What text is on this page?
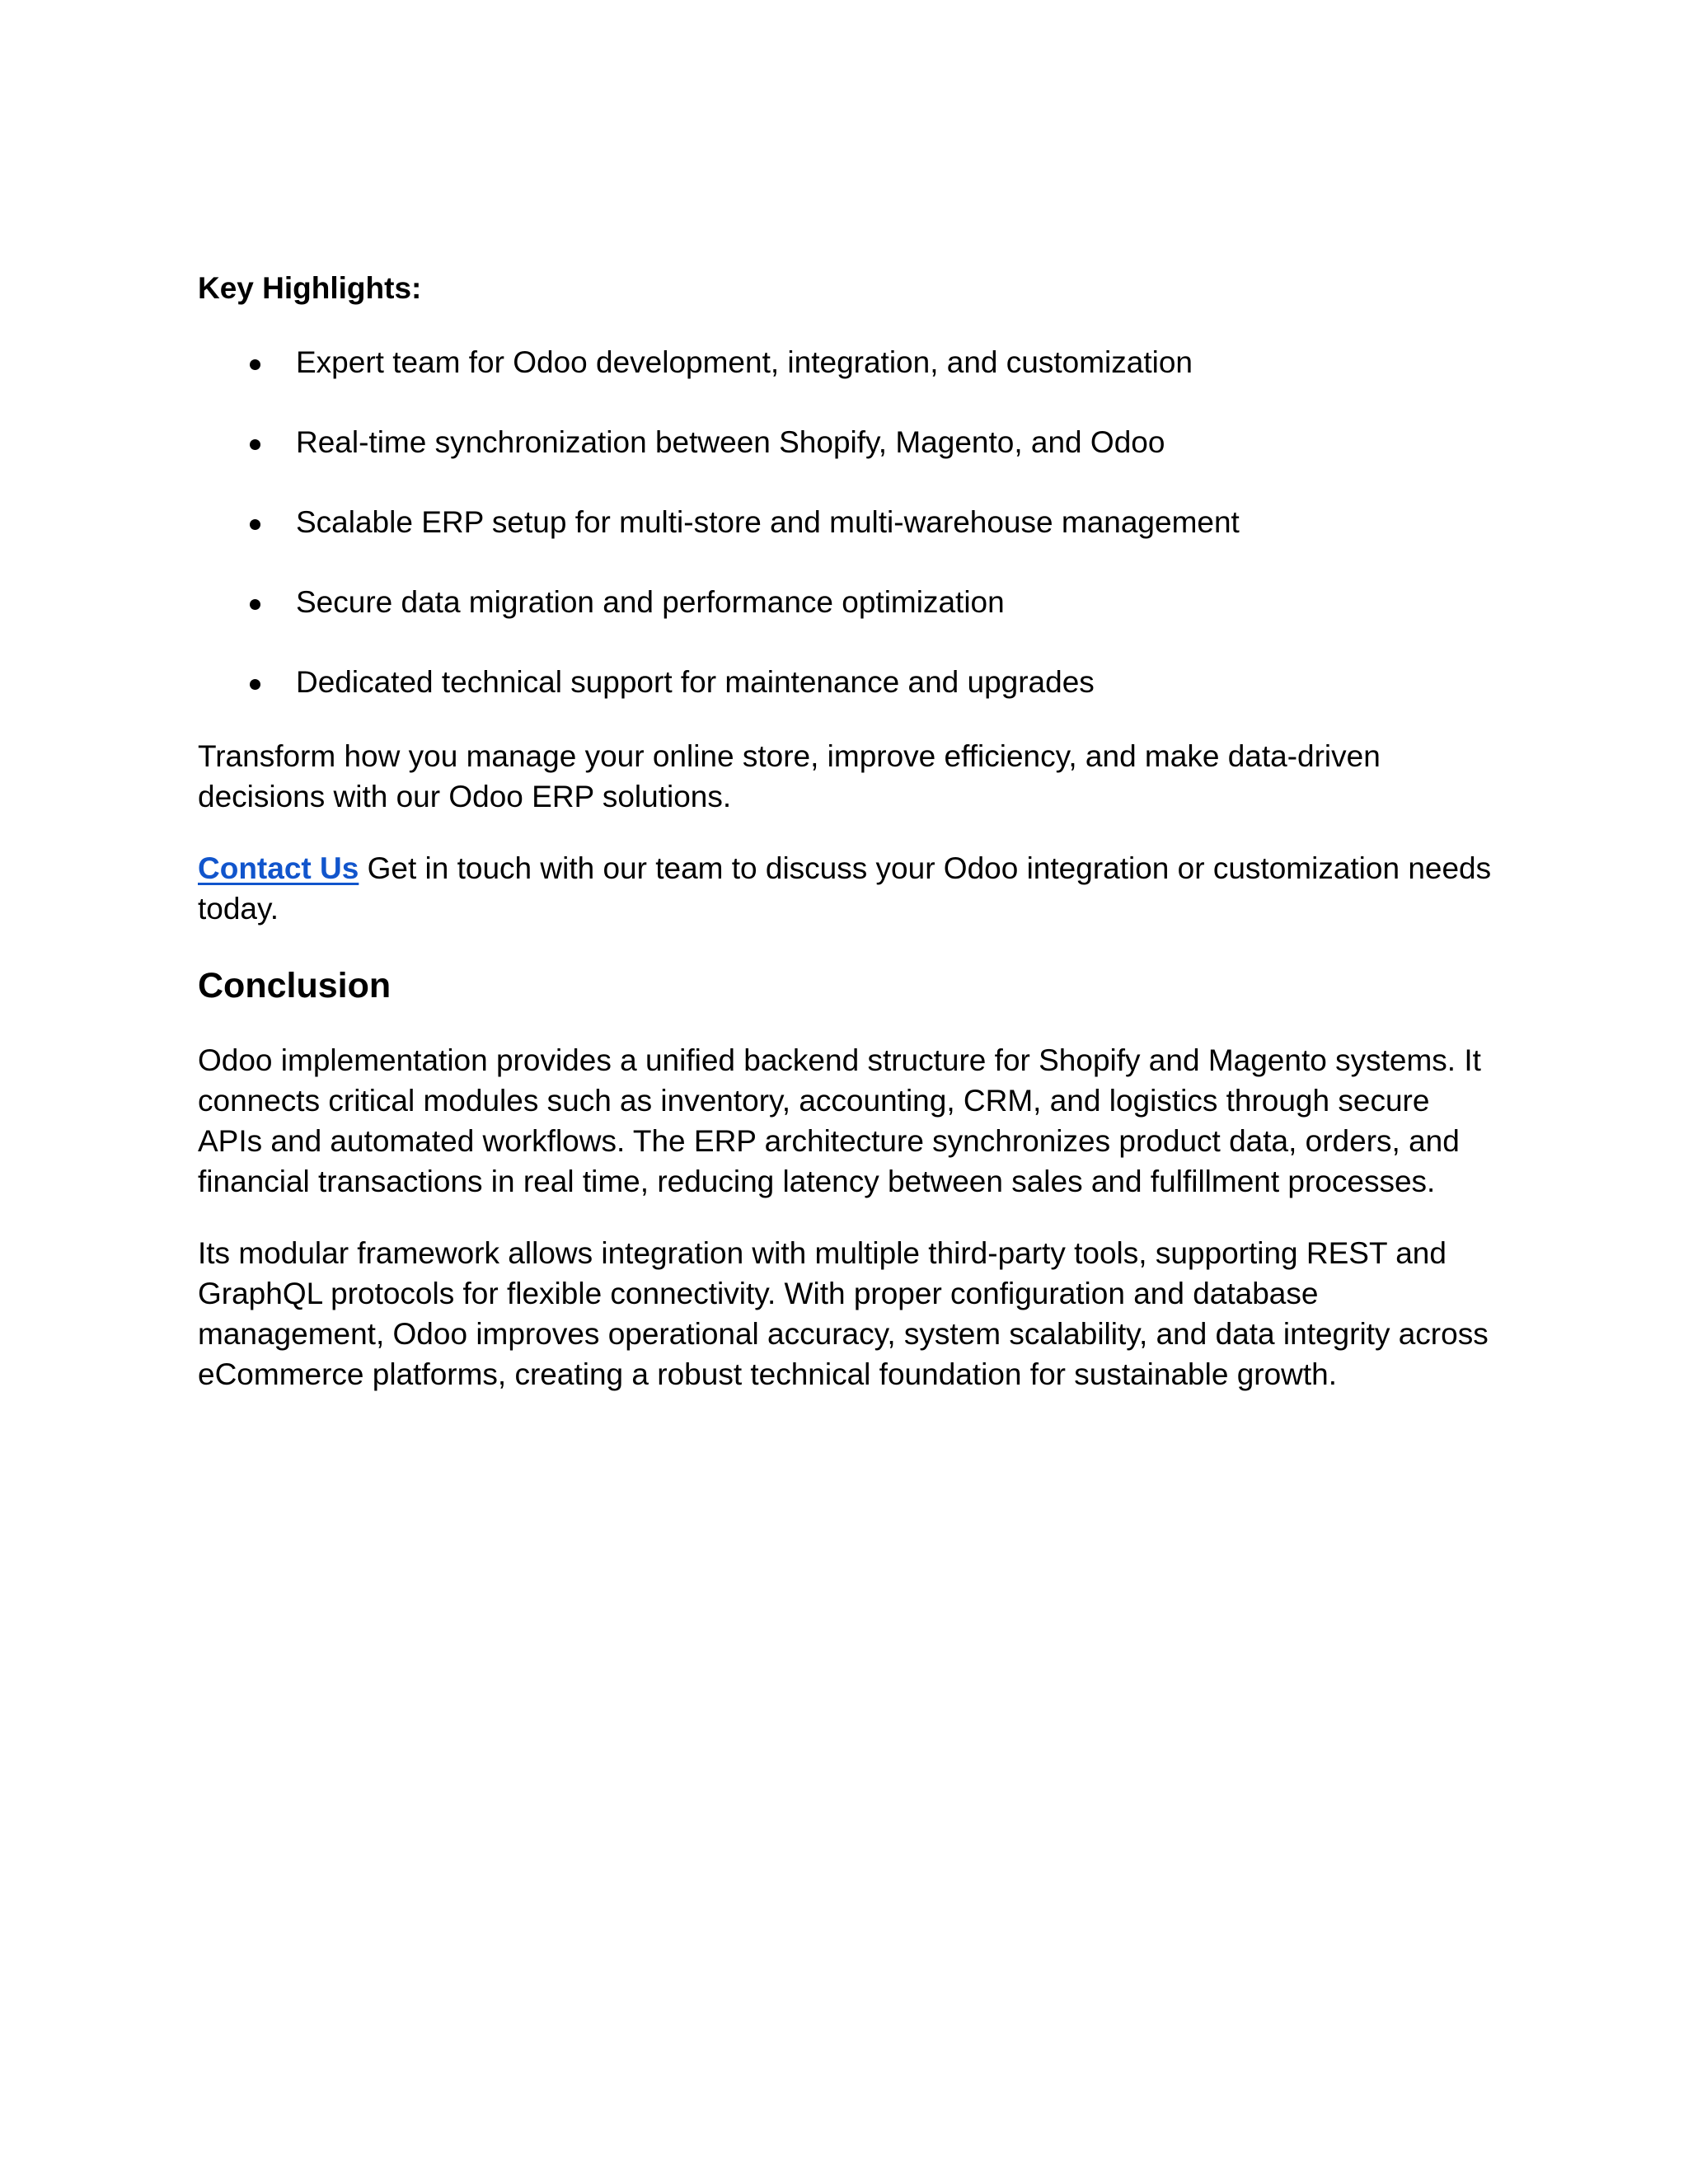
Key Highlights:

Expert team for Odoo development, integration, and customization
Real-time synchronization between Shopify, Magento, and Odoo
Scalable ERP setup for multi-store and multi-warehouse management
Secure data migration and performance optimization
Dedicated technical support for maintenance and upgrades

Transform how you manage your online store, improve efficiency, and make data-driven decisions with our Odoo ERP solutions.

Contact Us Get in touch with our team to discuss your Odoo integration or customization needs today.

Conclusion

Odoo implementation provides a unified backend structure for Shopify and Magento systems. It connects critical modules such as inventory, accounting, CRM, and logistics through secure APIs and automated workflows. The ERP architecture synchronizes product data, orders, and financial transactions in real time, reducing latency between sales and fulfillment processes.

Its modular framework allows integration with multiple third-party tools, supporting REST and GraphQL protocols for flexible connectivity. With proper configuration and database management, Odoo improves operational accuracy, system scalability, and data integrity across eCommerce platforms, creating a robust technical foundation for sustainable growth.
